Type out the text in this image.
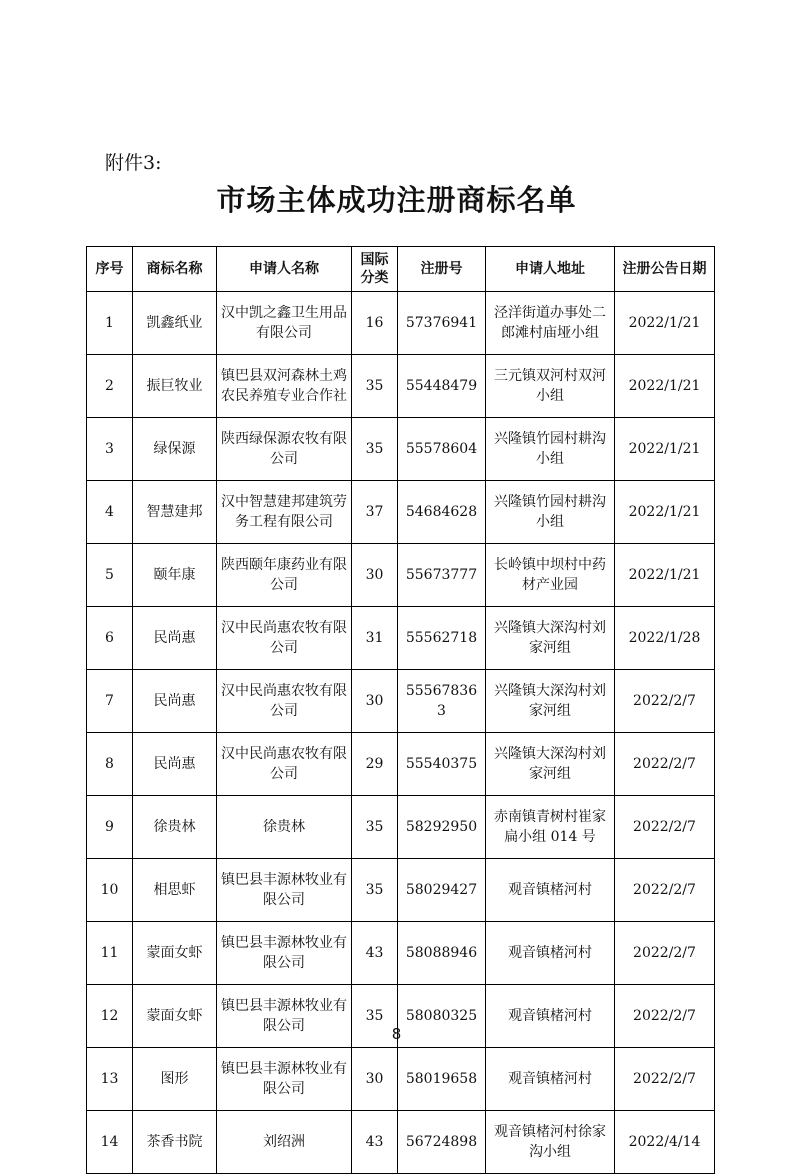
附件3:
市场主体成功注册商标名单
序号	商标名称	申请人名称	国际分类	注册号	申请人地址	注册公告日期
1	凯鑫纸业	汉中凯之鑫卫生用品有限公司	16	57376941	泾洋街道办事处二郎滩村庙垭小组	2022/1/21
2	振巨牧业	镇巴县双河森林土鸡农民养殖专业合作社	35	55448479	三元镇双河村双河小组	2022/1/21
3	绿保源	陕西绿保源农牧有限公司	35	55578604	兴隆镇竹园村耕沟小组	2022/1/21
4	智慧建邦	汉中智慧建邦建筑劳务工程有限公司	37	54684628	兴隆镇竹园村耕沟小组	2022/1/21
5	颐年康	陕西颐年康药业有限公司	30	55673777	长岭镇中坝村中药材产业园	2022/1/21
6	民尚惠	汉中民尚惠农牧有限公司	31	55562718	兴隆镇大深沟村刘家河组	2022/1/28
7	民尚惠	汉中民尚惠农牧有限公司	30	555678363	兴隆镇大深沟村刘家河组	2022/2/7
8	民尚惠	汉中民尚惠农牧有限公司	29	55540375	兴隆镇大深沟村刘家河组	2022/2/7
9	徐贵林	徐贵林	35	58292950	赤南镇青树村崔家扁小组 014 号	2022/2/7
10	相思虾	镇巴县丰源林牧业有限公司	35	58029427	观音镇楮河村	2022/2/7
11	蒙面女虾	镇巴县丰源林牧业有限公司	43	58088946	观音镇楮河村	2022/2/7
12	蒙面女虾	镇巴县丰源林牧业有限公司	35	58080325	观音镇楮河村	2022/2/7
13	图形	镇巴县丰源林牧业有限公司	30	58019658	观音镇楮河村	2022/2/7
14	茶香书院	刘绍洲	43	56724898	观音镇楮河村徐家沟小组	2022/4/14
8
